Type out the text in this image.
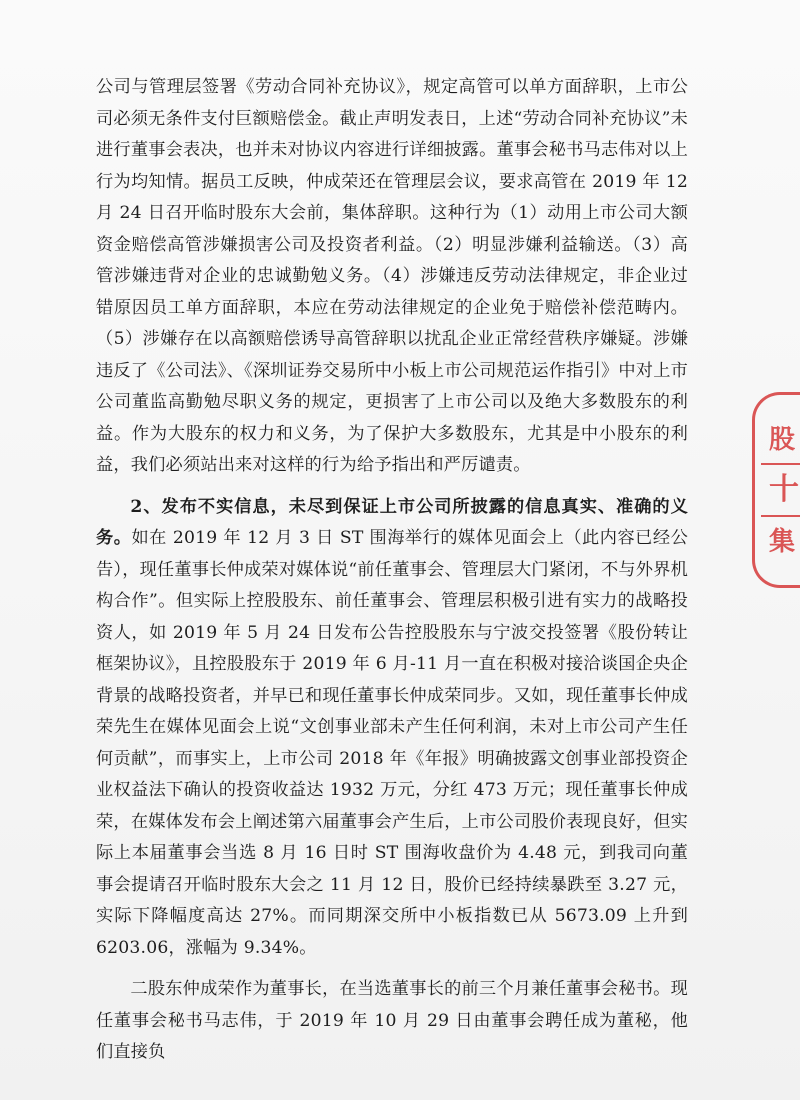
公司与管理层签署《劳动合同补充协议》，规定高管可以单方面辞职，上市公司必须无条件支付巨额赔偿金。截止声明发表日，上述“劳动合同补充协议”未进行董事会表决，也并未对协议内容进行详细披露。董事会秘书马志伟对以上行为均知情。据员工反映，仲成荣还在管理层会议，要求高管在 2019 年 12 月 24 日召开临时股东大会前，集体辞职。这种行为（1）动用上市公司大额资金赔偿高管涉嫌损害公司及投资者利益。（2）明显涉嫌利益输送。（3）高管涉嫌违背对企业的忠诚勤勉义务。（4）涉嫌违反劳动法律规定，非企业过错原因员工单方面辞职，本应在劳动法律规定的企业免于赔偿补偿范畴内。（5）涉嫌存在以高额赔偿诱导高管辞职以扰乱企业正常经营秩序嫌疑。涉嫌违反了《公司法》、《深圳证券交易所中小板上市公司规范运作指引》中对上市公司董监高勤勉尽职义务的规定，更损害了上市公司以及绝大多数股东的利益。作为大股东的权力和义务，为了保护大多数股东，尤其是中小股东的利益，我们必须站出来对这样的行为给予指出和严厉谴责。

2、发布不实信息，未尽到保证上市公司所披露的信息真实、准确的义务。如在 2019 年 12 月 3 日 ST 围海举行的媒体见面会上（此内容已经公告），现任董事长仲成荣对媒体说“前任董事会、管理层大门紧闭，不与外界机构合作”。但实际上控股股东、前任董事会、管理层积极引进有实力的战略投资人，如 2019 年 5 月 24 日发布公告控股股东与宁波交投签署《股份转让框架协议》，且控股股东于 2019 年 6 月-11 月一直在积极对接洽谈国企央企背景的战略投资者，并早已和现任董事长仲成荣同步。又如，现任董事长仲成荣先生在媒体见面会上说“文创事业部未产生任何利润，未对上市公司产生任何贡献”，而事实上，上市公司 2018 年《年报》明确披露文创事业部投资企业权益法下确认的投资收益达 1932 万元，分红 473 万元；现任董事长仲成荣，在媒体发布会上阐述第六届董事会产生后，上市公司股价表现良好，但实际上本届董事会当选 8 月 16 日时 ST 围海收盘价为 4.48 元，到我司向董事会提请召开临时股东大会之 11 月 12 日，股价已经持续暴跌至 3.27 元，实际下降幅度高达 27%。而同期深交所中小板指数已从 5673.09 上升到 6203.06，涨幅为 9.34%。

二股东仲成荣作为董事长，在当选董事长的前三个月兼任董事会秘书。现任董事会秘书马志伟，于 2019 年 10 月 29 日由董事会聘任成为董秘，他们直接负

股
十
集
